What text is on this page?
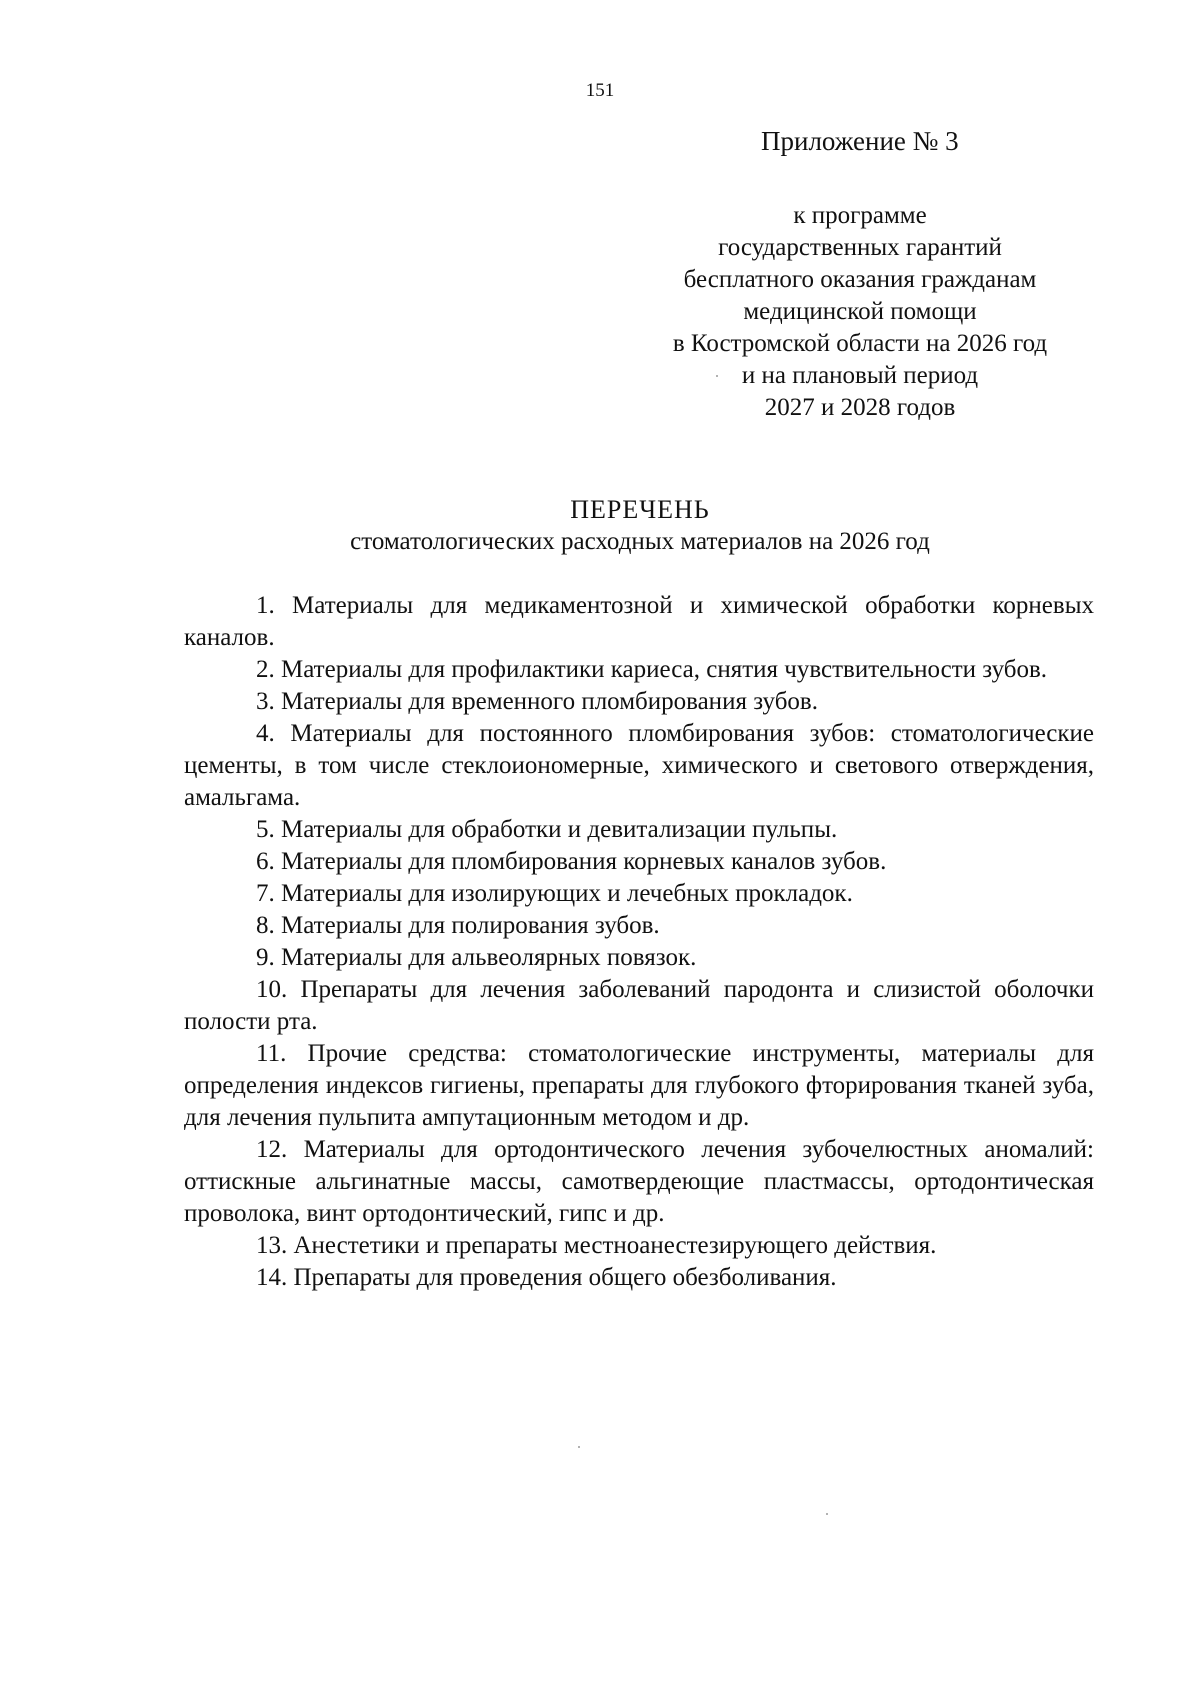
151
Приложение № 3
к программе
государственных гарантий
бесплатного оказания гражданам
медицинской помощи
в Костромской области на 2026 год
и на плановый период
2027 и 2028 годов
ПЕРЕЧЕНЬ
стоматологических расходных материалов на 2026 год

1. Материалы для медикаментозной и химической обработки корневых каналов.

2. Материалы для профилактики кариеса, снятия чувствительности зубов.

3. Материалы для временного пломбирования зубов.

4. Материалы для постоянного пломбирования зубов: стоматологические цементы, в том числе стеклоиономерные, химического и светового отверждения, амальгама.

5. Материалы для обработки и девитализации пульпы.

6. Материалы для пломбирования корневых каналов зубов.

7. Материалы для изолирующих и лечебных прокладок.

8. Материалы для полирования зубов.

9. Материалы для альвеолярных повязок.

10. Препараты для лечения заболеваний пародонта и слизистой оболочки полости рта.

11. Прочие средства: стоматологические инструменты, материалы для определения индексов гигиены, препараты для глубокого фторирования тканей зуба, для лечения пульпита ампутационным методом и др.

12. Материалы для ортодонтического лечения зубочелюстных аномалий: оттискные альгинатные массы, самотвердеющие пластмассы, ортодонтическая проволока, винт ортодонтический, гипс и др.

13. Анестетики и препараты местноанестезирующего действия.

14. Препараты для проведения общего обезболивания.
